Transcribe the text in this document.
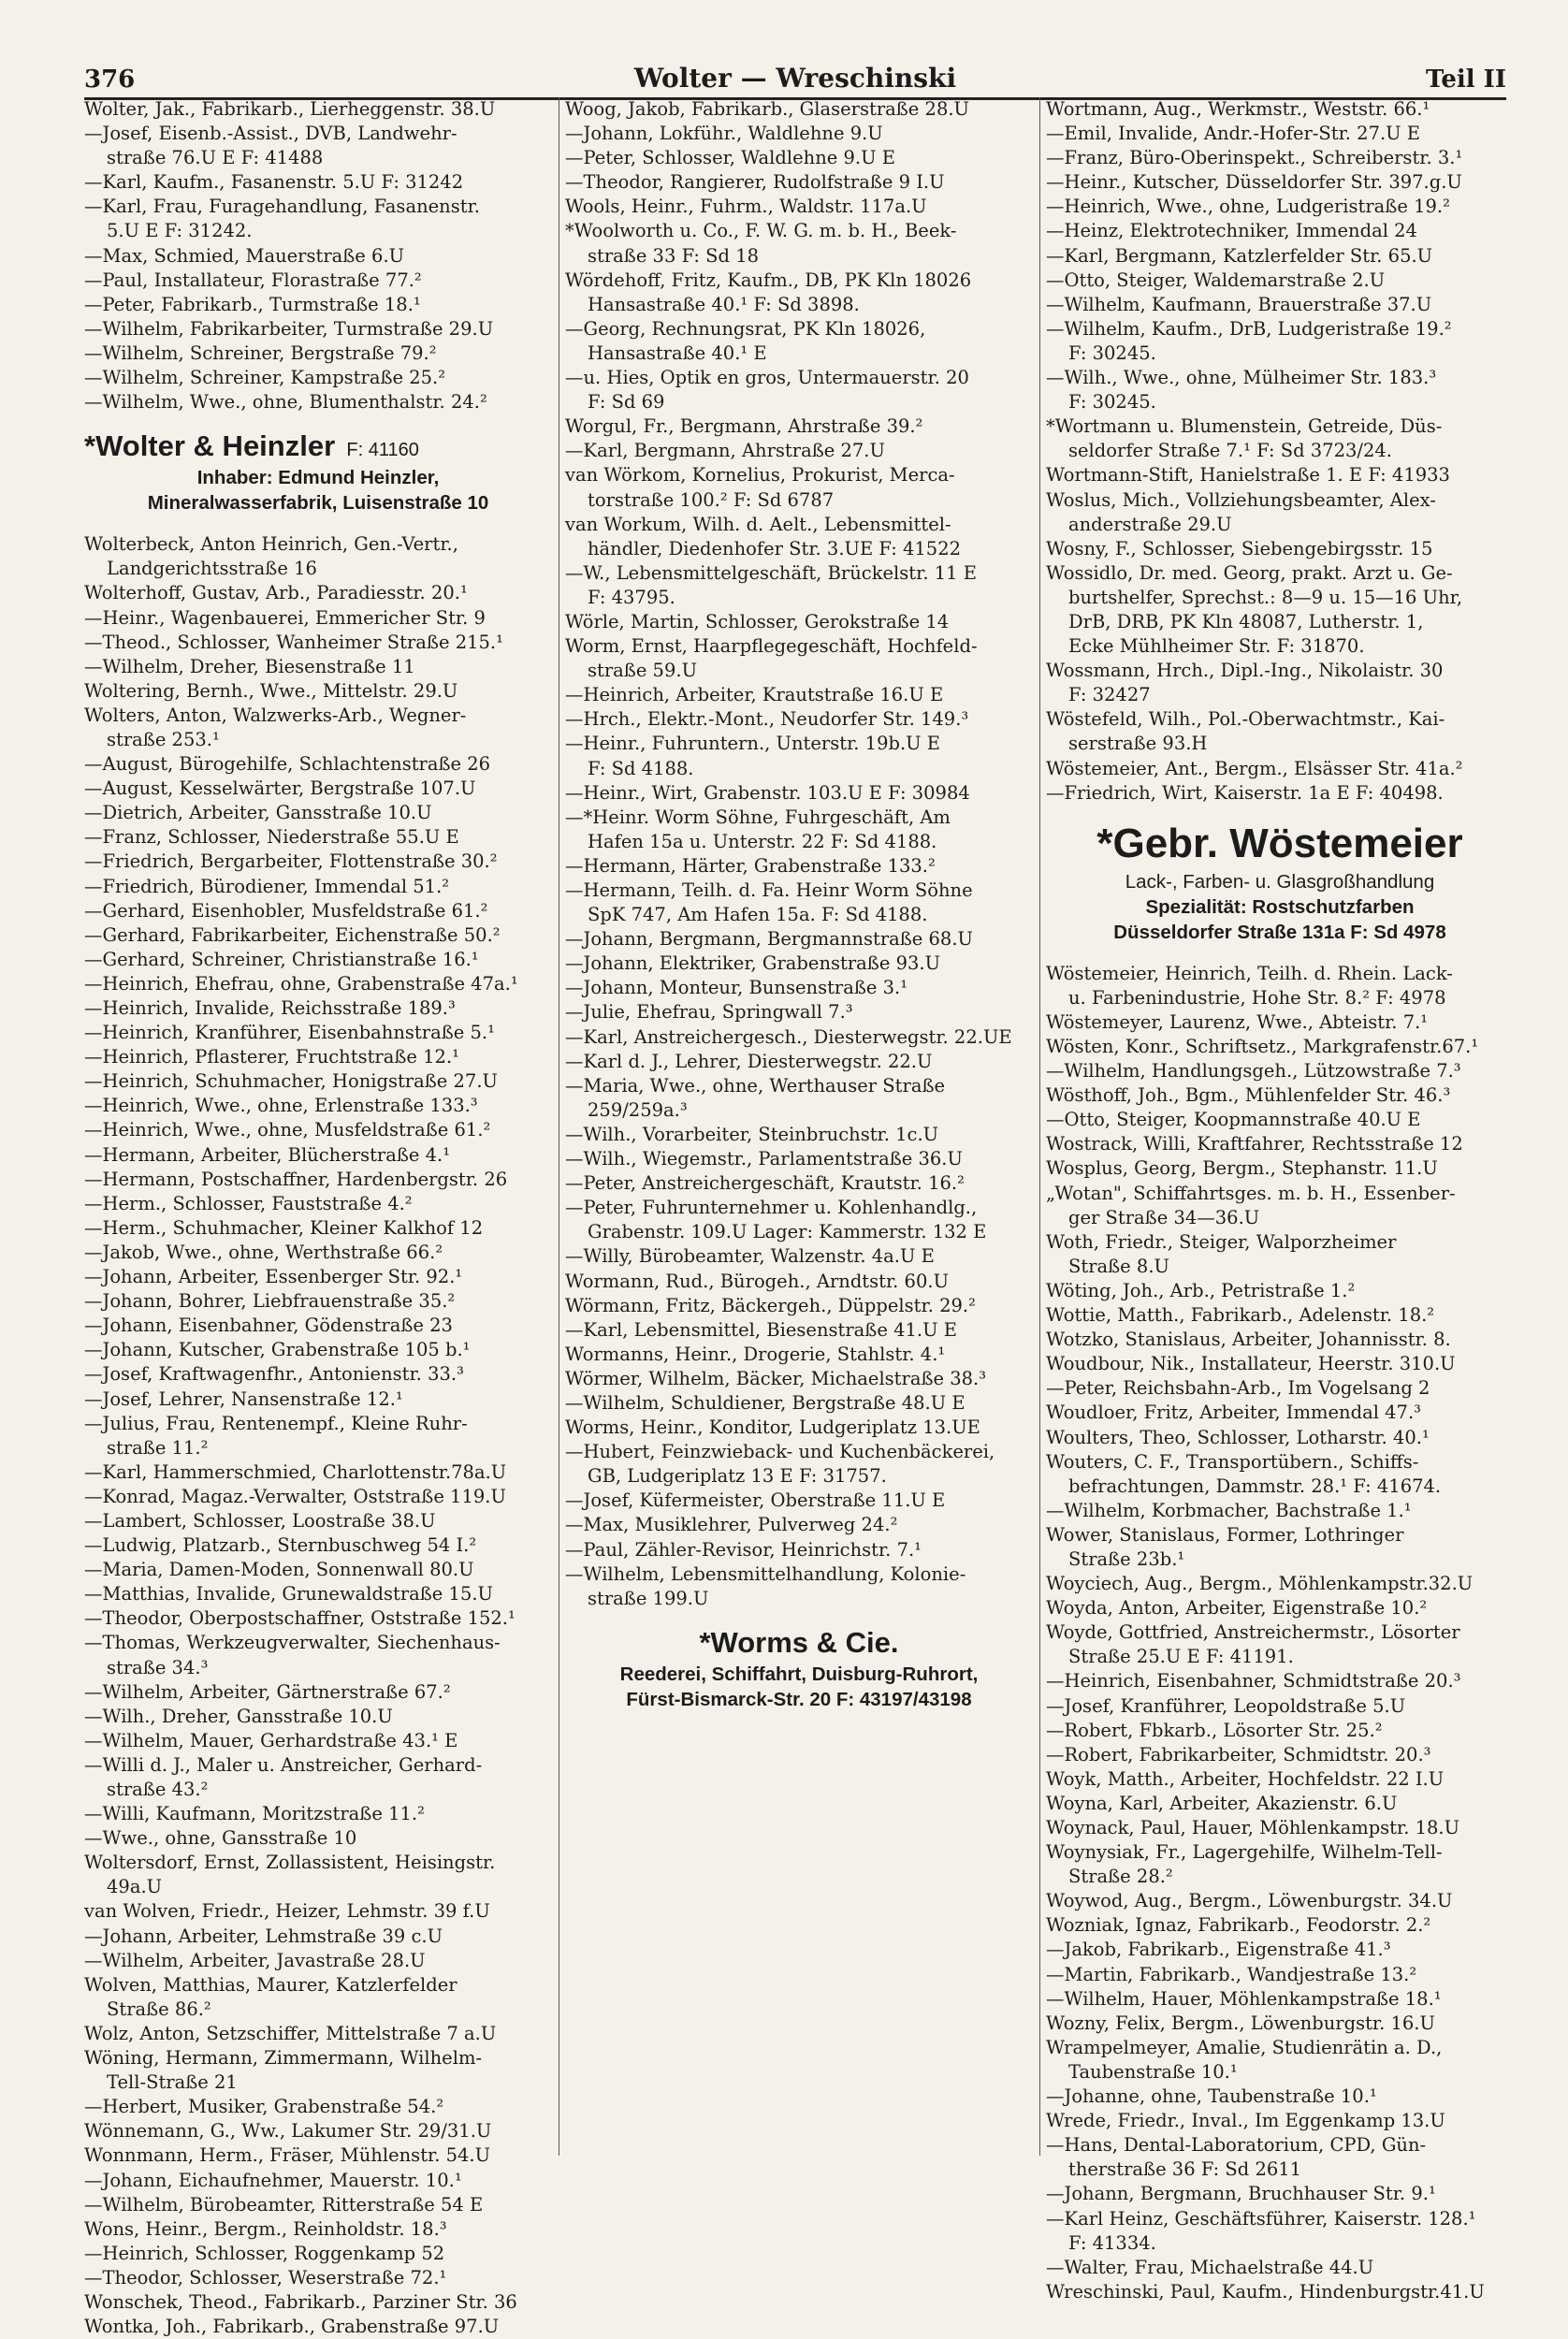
376	Wolter — Wreschinski	Teil II

Wolter, Jak., Fabrikarb., Lierheggenstr. 38.U

—Josef, Eisenb.-Assist., DVB, Landwehr-

straße 76.U E F: 41488

—Karl, Kaufm., Fasanenstr. 5.U F: 31242

—Karl, Frau, Furagehandlung, Fasanenstr.

5.U E F: 31242.

—Max, Schmied, Mauerstraße 6.U

—Paul, Installateur, Florastraße 77.²

—Peter, Fabrikarb., Turmstraße 18.¹

—Wilhelm, Fabrikarbeiter, Turmstraße 29.U

—Wilhelm, Schreiner, Bergstraße 79.²

—Wilhelm, Schreiner, Kampstraße 25.²

—Wilhelm, Wwe., ohne, Blumenthalstr. 24.²

*Wolter & Heinzler F: 41160

Inhaber: Edmund Heinzler,

Mineralwasserfabrik, Luisenstraße 10

Wolterbeck, Anton Heinrich, Gen.-Vertr.,

Landgerichtsstraße 16

Wolterhoff, Gustav, Arb., Paradiesstr. 20.¹

—Heinr., Wagenbauerei, Emmericher Str. 9

—Theod., Schlosser, Wanheimer Straße 215.¹

—Wilhelm, Dreher, Biesenstraße 11

Woltering, Bernh., Wwe., Mittelstr. 29.U

Wolters, Anton, Walzwerks-Arb., Wegner-

straße 253.¹

—August, Bürogehilfe, Schlachtenstraße 26

—August, Kesselwärter, Bergstraße 107.U

—Dietrich, Arbeiter, Gansstraße 10.U

—Franz, Schlosser, Niederstraße 55.U E

—Friedrich, Bergarbeiter, Flottenstraße 30.²

—Friedrich, Bürodiener, Immendal 51.²

—Gerhard, Eisenhobler, Musfeldstraße 61.²

—Gerhard, Fabrikarbeiter, Eichenstraße 50.²

—Gerhard, Schreiner, Christianstraße 16.¹

—Heinrich, Ehefrau, ohne, Grabenstraße 47a.¹

—Heinrich, Invalide, Reichsstraße 189.³

—Heinrich, Kranführer, Eisenbahnstraße 5.¹

—Heinrich, Pflasterer, Fruchtstraße 12.¹

—Heinrich, Schuhmacher, Honigstraße 27.U

—Heinrich, Wwe., ohne, Erlenstraße 133.³

—Heinrich, Wwe., ohne, Musfeldstraße 61.²

—Hermann, Arbeiter, Blücherstraße 4.¹

—Hermann, Postschaffner, Hardenbergstr. 26

—Herm., Schlosser, Fauststraße 4.²

—Herm., Schuhmacher, Kleiner Kalkhof 12

—Jakob, Wwe., ohne, Werthstraße 66.²

—Johann, Arbeiter, Essenberger Str. 92.¹

—Johann, Bohrer, Liebfrauenstraße 35.²

—Johann, Eisenbahner, Gödenstraße 23

—Johann, Kutscher, Grabenstraße 105 b.¹

—Josef, Kraftwagenfhr., Antonienstr. 33.³

—Josef, Lehrer, Nansenstraße 12.¹

—Julius, Frau, Rentenempf., Kleine Ruhr-

straße 11.²

—Karl, Hammerschmied, Charlottenstr.78a.U

—Konrad, Magaz.-Verwalter, Oststraße 119.U

—Lambert, Schlosser, Loostraße 38.U

—Ludwig, Platzarb., Sternbuschweg 54 I.²

—Maria, Damen-Moden, Sonnenwall 80.U

—Matthias, Invalide, Grunewaldstraße 15.U

—Theodor, Oberpostschaffner, Oststraße 152.¹

—Thomas, Werkzeugverwalter, Siechenhaus-

straße 34.³

—Wilhelm, Arbeiter, Gärtnerstraße 67.²

—Wilh., Dreher, Gansstraße 10.U

—Wilhelm, Mauer, Gerhardstraße 43.¹ E

—Willi d. J., Maler u. Anstreicher, Gerhard-

straße 43.²

—Willi, Kaufmann, Moritzstraße 11.²

—Wwe., ohne, Gansstraße 10

Woltersdorf, Ernst, Zollassistent, Heisingstr.

49a.U

van Wolven, Friedr., Heizer, Lehmstr. 39 f.U

—Johann, Arbeiter, Lehmstraße 39 c.U

—Wilhelm, Arbeiter, Javastraße 28.U

Wolven, Matthias, Maurer, Katzlerfelder

Straße 86.²

Wolz, Anton, Setzschiffer, Mittelstraße 7 a.U

Wöning, Hermann, Zimmermann, Wilhelm-

Tell-Straße 21

—Herbert, Musiker, Grabenstraße 54.²

Wönnemann, G., Ww., Lakumer Str. 29/31.U

Wonnmann, Herm., Fräser, Mühlenstr. 54.U

—Johann, Eichaufnehmer, Mauerstr. 10.¹

—Wilhelm, Bürobeamter, Ritterstraße 54 E

Wons, Heinr., Bergm., Reinholdstr. 18.³

—Heinrich, Schlosser, Roggenkamp 52

—Theodor, Schlosser, Weserstraße 72.¹

Wonschek, Theod., Fabrikarb., Parziner Str. 36

Wontka, Joh., Fabrikarb., Grabenstraße 97.U

Woog, Jakob, Fabrikarb., Glaserstraße 28.U

—Johann, Lokführ., Waldlehne 9.U

—Peter, Schlosser, Waldlehne 9.U E

—Theodor, Rangierer, Rudolfstraße 9 I.U

Wools, Heinr., Fuhrm., Waldstr. 117a.U

*Woolworth u. Co., F. W. G. m. b. H., Beek-

straße 33 F: Sd 18

Wördehoff, Fritz, Kaufm., DB, PK Kln 18026

Hansastraße 40.¹ F: Sd 3898.

—Georg, Rechnungsrat, PK Kln 18026,

Hansastraße 40.¹ E

—u. Hies, Optik en gros, Untermauerstr. 20

F: Sd 69

Worgul, Fr., Bergmann, Ahrstraße 39.²

—Karl, Bergmann, Ahrstraße 27.U

van Wörkom, Kornelius, Prokurist, Merca-

torstraße 100.² F: Sd 6787

van Workum, Wilh. d. Aelt., Lebensmittel-

händler, Diedenhofer Str. 3.UE F: 41522

—W., Lebensmittelgeschäft, Brückelstr. 11 E

F: 43795.

Wörle, Martin, Schlosser, Gerokstraße 14

Worm, Ernst, Haarpflegegeschäft, Hochfeld-

straße 59.U

—Heinrich, Arbeiter, Krautstraße 16.U E

—Hrch., Elektr.-Mont., Neudorfer Str. 149.³

—Heinr., Fuhruntern., Unterstr. 19b.U E

F: Sd 4188.

—Heinr., Wirt, Grabenstr. 103.U E F: 30984

—*Heinr. Worm Söhne, Fuhrgeschäft, Am

Hafen 15a u. Unterstr. 22 F: Sd 4188.

—Hermann, Härter, Grabenstraße 133.²

—Hermann, Teilh. d. Fa. Heinr Worm Söhne

SpK 747, Am Hafen 15a. F: Sd 4188.

—Johann, Bergmann, Bergmannstraße 68.U

—Johann, Elektriker, Grabenstraße 93.U

—Johann, Monteur, Bunsenstraße 3.¹

—Julie, Ehefrau, Springwall 7.³

—Karl, Anstreichergesch., Diesterwegstr. 22.UE

—Karl d. J., Lehrer, Diesterwegstr. 22.U

—Maria, Wwe., ohne, Werthauser Straße

259/259a.³

—Wilh., Vorarbeiter, Steinbruchstr. 1c.U

—Wilh., Wiegemstr., Parlamentstraße 36.U

—Peter, Anstreichergeschäft, Krautstr. 16.²

—Peter, Fuhrunternehmer u. Kohlenhandlg.,

Grabenstr. 109.U Lager: Kammerstr. 132 E

—Willy, Bürobeamter, Walzenstr. 4a.U E

Wormann, Rud., Bürogeh., Arndtstr. 60.U

Wörmann, Fritz, Bäckergeh., Düppelstr. 29.²

—Karl, Lebensmittel, Biesenstraße 41.U E

Wormanns, Heinr., Drogerie, Stahlstr. 4.¹

Wörmer, Wilhelm, Bäcker, Michaelstraße 38.³

—Wilhelm, Schuldiener, Bergstraße 48.U E

Worms, Heinr., Konditor, Ludgeriplatz 13.UE

—Hubert, Feinzwieback- und Kuchenbäckerei,

GB, Ludgeriplatz 13 E F: 31757.

—Josef, Küfermeister, Oberstraße 11.U E

—Max, Musiklehrer, Pulverweg 24.²

—Paul, Zähler-Revisor, Heinrichstr. 7.¹

—Wilhelm, Lebensmittelhandlung, Kolonie-

straße 199.U

*Worms & Cie.

Reederei, Schiffahrt, Duisburg-Ruhrort,

Fürst-Bismarck-Str. 20 F: 43197/43198

Wortmann, Aug., Werkmstr., Weststr. 66.¹

—Emil, Invalide, Andr.-Hofer-Str. 27.U E

—Franz, Büro-Oberinspekt., Schreiberstr. 3.¹

—Heinr., Kutscher, Düsseldorfer Str. 397.g.U

—Heinrich, Wwe., ohne, Ludgeristraße 19.²

—Heinz, Elektrotechniker, Immendal 24

—Karl, Bergmann, Katzlerfelder Str. 65.U

—Otto, Steiger, Waldemarstraße 2.U

—Wilhelm, Kaufmann, Brauerstraße 37.U

—Wilhelm, Kaufm., DrB, Ludgeristraße 19.²

F: 30245.

—Wilh., Wwe., ohne, Mülheimer Str. 183.³

F: 30245.

*Wortmann u. Blumenstein, Getreide, Düs-

seldorfer Straße 7.¹ F: Sd 3723/24.

Wortmann-Stift, Hanielstraße 1. E F: 41933

Woslus, Mich., Vollziehungsbeamter, Alex-

anderstraße 29.U

Wosny, F., Schlosser, Siebengebirgsstr. 15

Wossidlo, Dr. med. Georg, prakt. Arzt u. Ge-

burtshelfer, Sprechst.: 8—9 u. 15—16 Uhr,

DrB, DRB, PK Kln 48087, Lutherstr. 1,

Ecke Mühlheimer Str. F: 31870.

Wossmann, Hrch., Dipl.-Ing., Nikolaistr. 30

F: 32427

Wöstefeld, Wilh., Pol.-Oberwachtmstr., Kai-

serstraße 93.H

Wöstemeier, Ant., Bergm., Elsässer Str. 41a.²

—Friedrich, Wirt, Kaiserstr. 1a E F: 40498.

*Gebr. Wöstemeier

Lack-, Farben- u. Glasgroßhandlung

Spezialität: Rostschutzfarben

Düsseldorfer Straße 131a F: Sd 4978

Wöstemeier, Heinrich, Teilh. d. Rhein. Lack-

u. Farbenindustrie, Hohe Str. 8.² F: 4978

Wöstemeyer, Laurenz, Wwe., Abteistr. 7.¹

Wösten, Konr., Schriftsetz., Markgrafenstr.67.¹

—Wilhelm, Handlungsgeh., Lützowstraße 7.³

Wösthoff, Joh., Bgm., Mühlenfelder Str. 46.³

—Otto, Steiger, Koopmannstraße 40.U E

Wostrack, Willi, Kraftfahrer, Rechtsstraße 12

Wosplus, Georg, Bergm., Stephanstr. 11.U

„Wotan", Schiffahrtsges. m. b. H., Essenber-

ger Straße 34—36.U

Woth, Friedr., Steiger, Walporzheimer

Straße 8.U

Wöting, Joh., Arb., Petristraße 1.²

Wottie, Matth., Fabrikarb., Adelenstr. 18.²

Wotzko, Stanislaus, Arbeiter, Johannisstr. 8.

Woudbour, Nik., Installateur, Heerstr. 310.U

—Peter, Reichsbahn-Arb., Im Vogelsang 2

Woudloer, Fritz, Arbeiter, Immendal 47.³

Woulters, Theo, Schlosser, Lotharstr. 40.¹

Wouters, C. F., Transportübern., Schiffs-

befrachtungen, Dammstr. 28.¹ F: 41674.

—Wilhelm, Korbmacher, Bachstraße 1.¹

Wower, Stanislaus, Former, Lothringer

Straße 23b.¹

Woyciech, Aug., Bergm., Möhlenkampstr.32.U

Woyda, Anton, Arbeiter, Eigenstraße 10.²

Woyde, Gottfried, Anstreichermstr., Lösorter

Straße 25.U E F: 41191.

—Heinrich, Eisenbahner, Schmidtstraße 20.³

—Josef, Kranführer, Leopoldstraße 5.U

—Robert, Fbkarb., Lösorter Str. 25.²

—Robert, Fabrikarbeiter, Schmidtstr. 20.³

Woyk, Matth., Arbeiter, Hochfeldstr. 22 I.U

Woyna, Karl, Arbeiter, Akazienstr. 6.U

Woynack, Paul, Hauer, Möhlenkampstr. 18.U

Woynysiak, Fr., Lagergehilfe, Wilhelm-Tell-

Straße 28.²

Woywod, Aug., Bergm., Löwenburgstr. 34.U

Wozniak, Ignaz, Fabrikarb., Feodorstr. 2.²

—Jakob, Fabrikarb., Eigenstraße 41.³

—Martin, Fabrikarb., Wandjestraße 13.²

—Wilhelm, Hauer, Möhlenkampstraße 18.¹

Wozny, Felix, Bergm., Löwenburgstr. 16.U

Wrampelmeyer, Amalie, Studienrätin a. D.,

Taubenstraße 10.¹

—Johanne, ohne, Taubenstraße 10.¹

Wrede, Friedr., Inval., Im Eggenkamp 13.U

—Hans, Dental-Laboratorium, CPD, Gün-

therstraße 36 F: Sd 2611

—Johann, Bergmann, Bruchhauser Str. 9.¹

—Karl Heinz, Geschäftsführer, Kaiserstr. 128.¹

F: 41334.

—Walter, Frau, Michaelstraße 44.U

Wreschinski, Paul, Kaufm., Hindenburgstr.41.U
